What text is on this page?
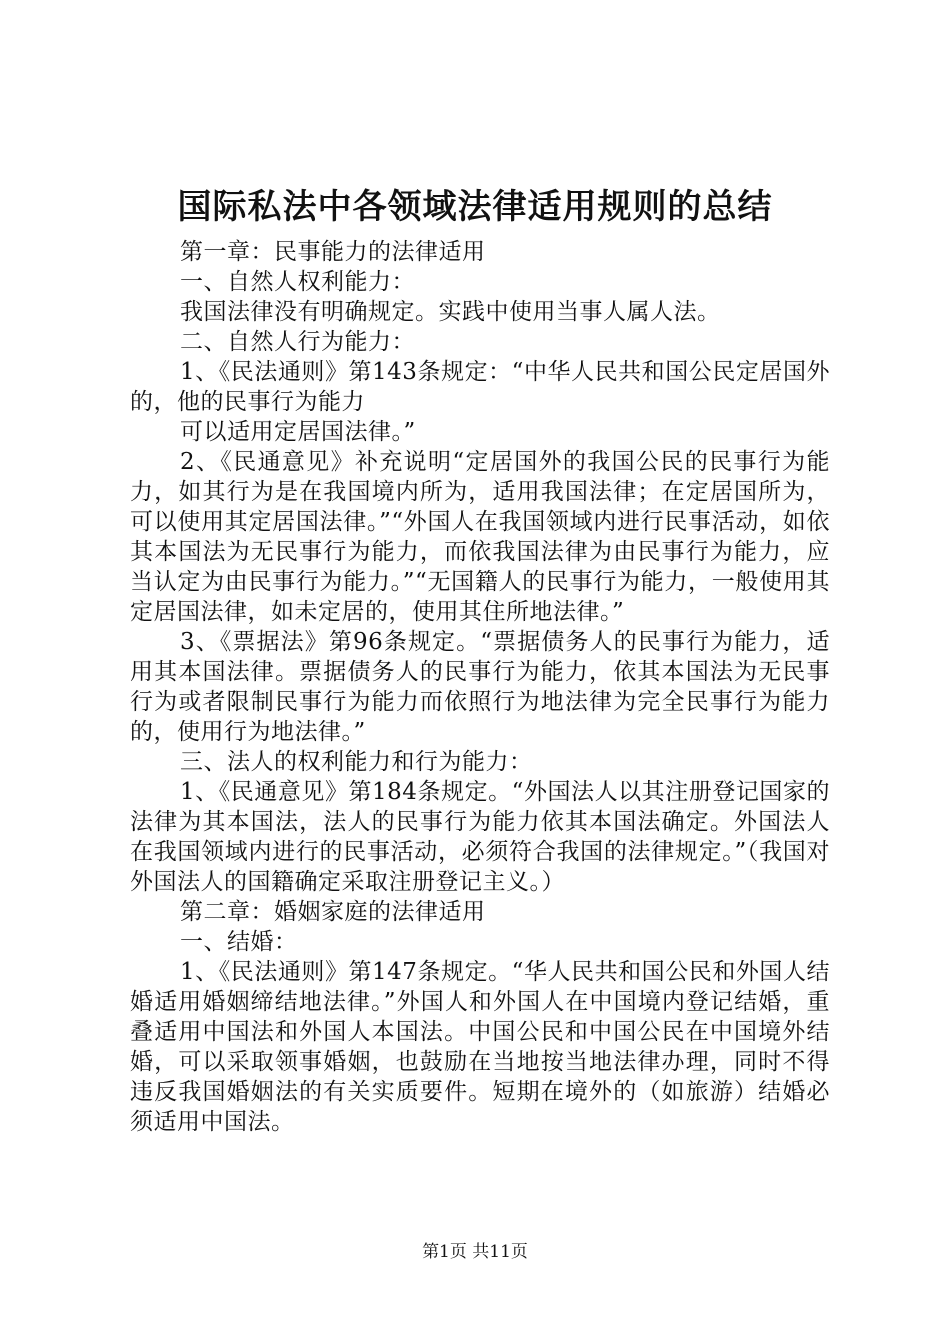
国际私法中各领域法律适用规则的总结

第一章：民事能力的法律适用

一、自然人权利能力：

我国法律没有明确规定。实践中使用当事人属人法。

二、自然人行为能力：

1、《民法通则》第143条规定：“中华人民共和国公民定居国外的，他的民事行为能力

可以适用定居国法律。”

2、《民通意见》补充说明“定居国外的我国公民的民事行为能力，如其行为是在我国境内所为，适用我国法律；在定居国所为，可以使用其定居国法律。”“外国人在我国领域内进行民事活动，如依其本国法为无民事行为能力，而依我国法律为由民事行为能力，应当认定为由民事行为能力。”“无国籍人的民事行为能力，一般使用其定居国法律，如未定居的，使用其住所地法律。”

3、《票据法》第96条规定。“票据债务人的民事行为能力，适用其本国法律。票据债务人的民事行为能力，依其本国法为无民事行为或者限制民事行为能力而依照行为地法律为完全民事行为能力的，使用行为地法律。”

三、法人的权利能力和行为能力：

1、《民通意见》第184条规定。“外国法人以其注册登记国家的法律为其本国法，法人的民事行为能力依其本国法确定。外国法人在我国领域内进行的民事活动，必须符合我国的法律规定。”（我国对外国法人的国籍确定采取注册登记主义。）

第二章：婚姻家庭的法律适用

一、结婚：

1、《民法通则》第147条规定。“华人民共和国公民和外国人结婚适用婚姻缔结地法律。”外国人和外国人在中国境内登记结婚，重叠适用中国法和外国人本国法。中国公民和中国公民在中国境外结婚，可以采取领事婚姻，也鼓励在当地按当地法律办理，同时不得违反我国婚姻法的有关实质要件。短期在境外的（如旅游）结婚必须适用中国法。

第1页 共11页
